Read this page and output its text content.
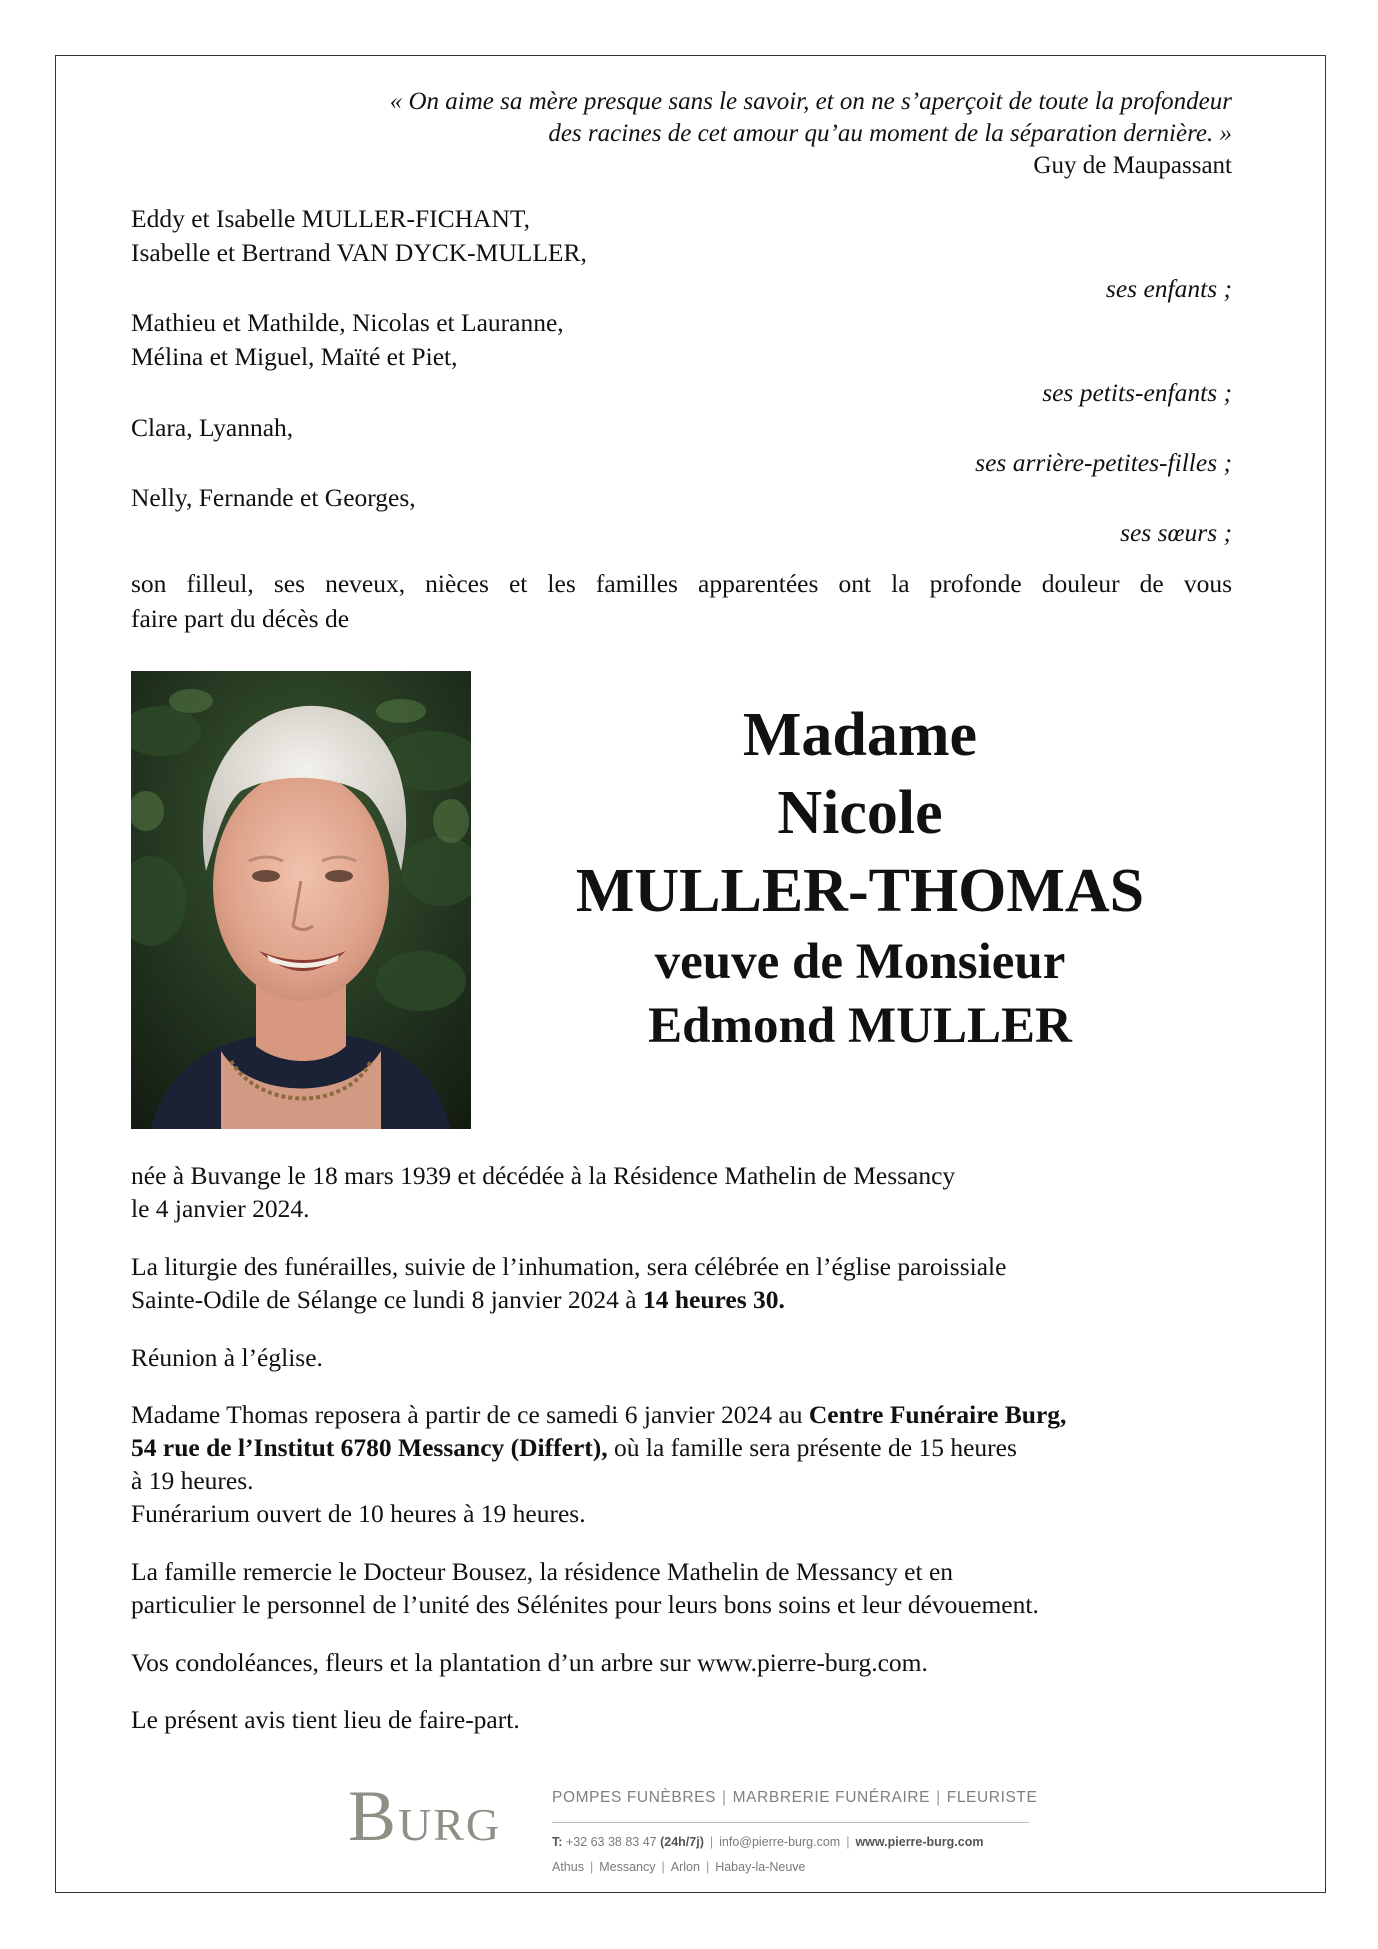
« On aime sa mère presque sans le savoir, et on ne s’aperçoit de toute la profondeur
des racines de cet amour qu’au moment de la séparation dernière. »
Guy de Maupassant
Eddy et Isabelle MULLER-FICHANT,
Isabelle et Bertrand VAN DYCK-MULLER,
ses enfants ;
Mathieu et Mathilde, Nicolas et Lauranne,
Mélina et Miguel, Maïté et Piet,
ses petits-enfants ;
Clara, Lyannah,
ses arrière-petites-filles ;
Nelly, Fernande et Georges,
ses sœurs ;
son filleul, ses neveux, nièces et les familles apparentées ont la profonde douleur de vous
faire part du décès de
Madame
Nicole
MULLER-THOMAS
veuve de Monsieur
Edmond MULLER
née à Buvange le 18 mars 1939 et décédée à la Résidence Mathelin de Messancy
le 4 janvier 2024.
La liturgie des funérailles, suivie de l’inhumation, sera célébrée en l’église paroissiale
Sainte-Odile de Sélange ce lundi 8 janvier 2024 à 14 heures 30.
Réunion à l’église.
Madame Thomas reposera à partir de ce samedi 6 janvier 2024 au Centre Funéraire Burg,
54 rue de l’Institut 6780 Messancy (Differt), où la famille sera présente de 15 heures
à 19 heures.
Funérarium ouvert de 10 heures à 19 heures.
La famille remercie le Docteur Bousez, la résidence Mathelin de Messancy et en
particulier le personnel de l’unité des Sélénites pour leurs bons soins et leur dévouement.
Vos condoléances, fleurs et la plantation d’un arbre sur www.pierre-burg.com.
Le présent avis tient lieu de faire-part.
B URG
POMPES FUNÈBRES | MARBRERIE FUNÉRAIRE | FLEURISTE
T: +32 63 38 83 47 (24h/7j) | info@pierre-burg.com | www.pierre-burg.com
Athus | Messancy | Arlon | Habay-la-Neuve
